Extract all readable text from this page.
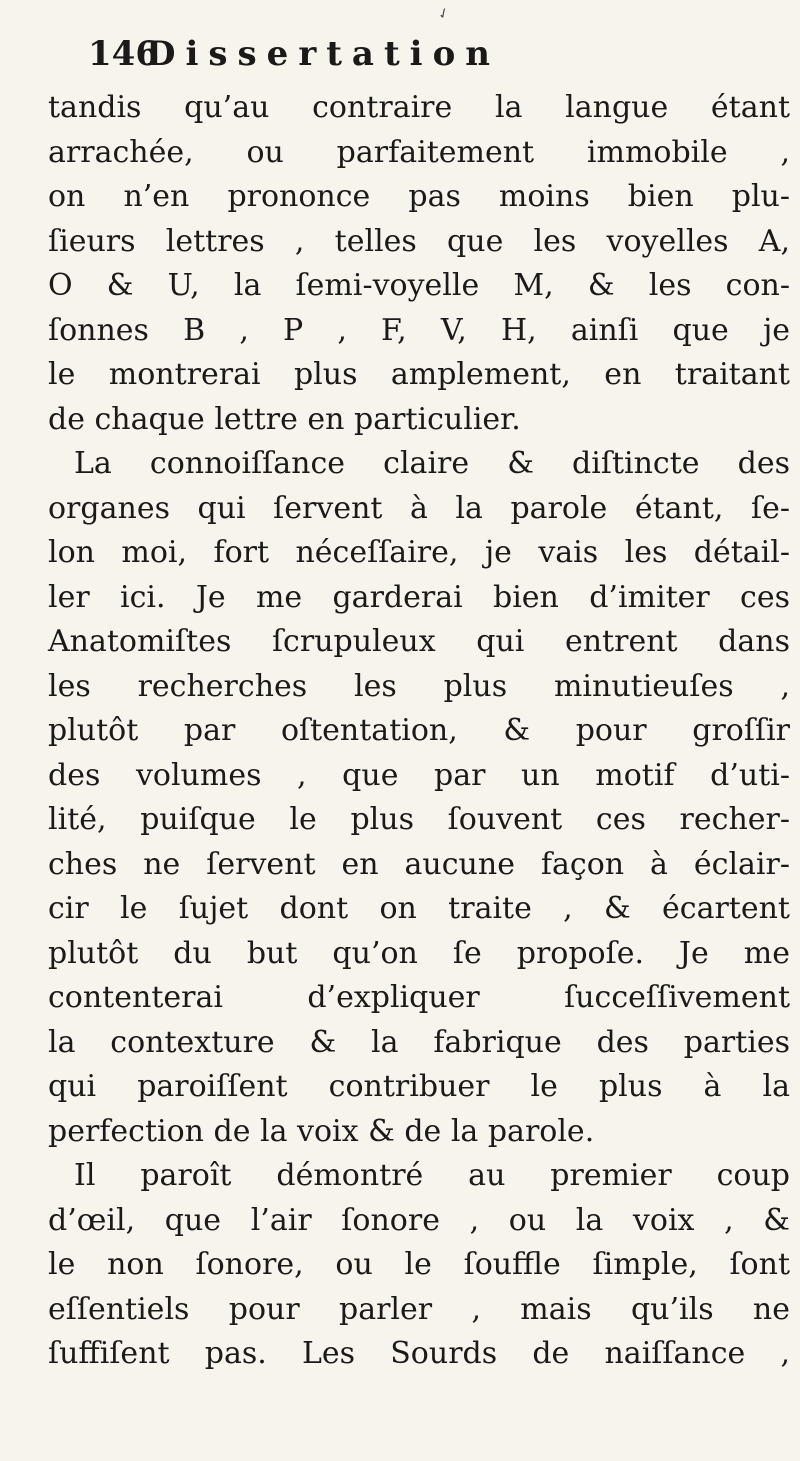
✓
146
Dissertation
tandis qu’au contraire la langue étant
arrachée, ou parfaitement immobile ,
on n’en prononce pas moins bien plu-
ſieurs lettres , telles que les voyelles A,
O & U, la ſemi-voyelle M, & les con-
ſonnes B , P , F, V, H, ainſi que je
le montrerai plus amplement, en traitant
de chaque lettre en particulier.
La connoiſſance claire & diſtincte des
organes qui ſervent à la parole étant, ſe-
lon moi, fort néceſſaire, je vais les détail-
ler ici. Je me garderai bien d’imiter ces
Anatomiſtes ſcrupuleux qui entrent dans
les recherches les plus minutieuſes ,
plutôt par oſtentation, & pour groſſir
des volumes , que par un motif d’uti-
lité, puiſque le plus ſouvent ces recher-
ches ne ſervent en aucune façon à éclair-
cir le ſujet dont on traite , & écartent
plutôt du but qu’on ſe propoſe. Je me
contenterai d’expliquer ſucceſſivement
la contexture & la fabrique des parties
qui paroiſſent contribuer le plus à la
perfection de la voix & de la parole.
Il paroît démontré au premier coup
d’œil, que l’air ſonore , ou la voix , &
le non ſonore, ou le ſouffle ſimple, ſont
eſſentiels pour parler , mais qu’ils ne
ſuffiſent pas. Les Sourds de naiſſance ,
